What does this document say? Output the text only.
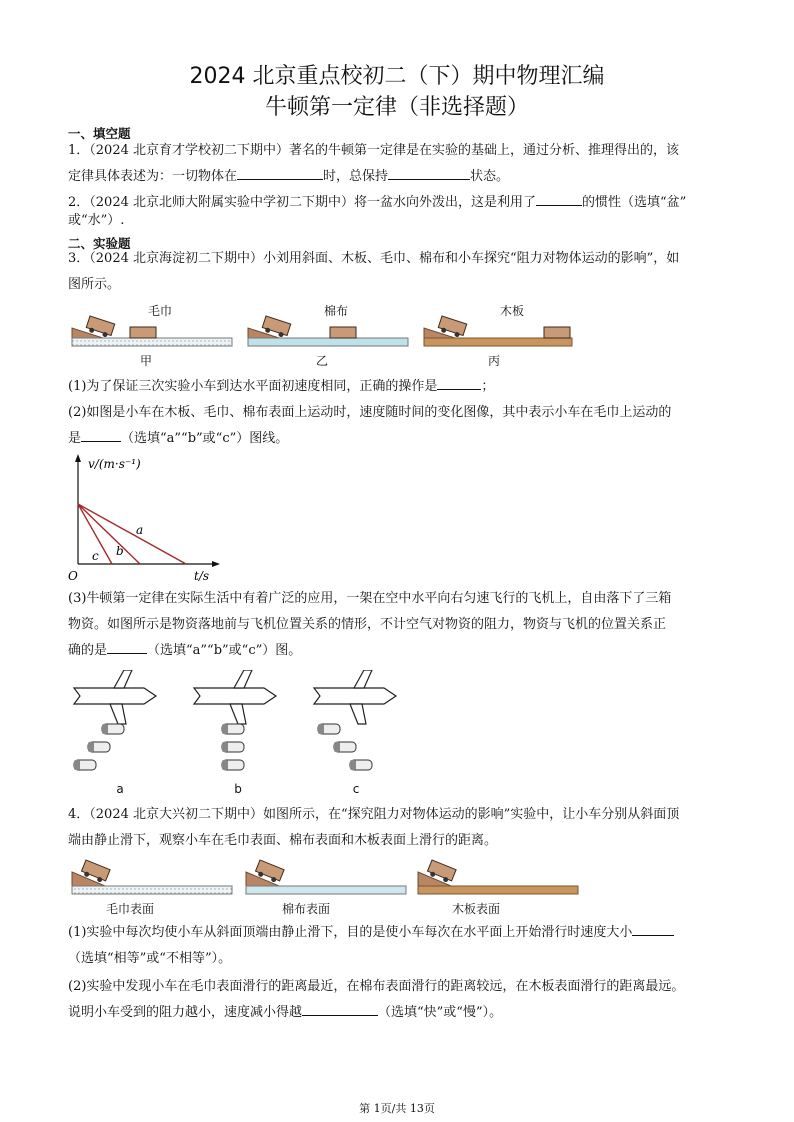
2024 北京重点校初二（下）期中物理汇编
牛顿第一定律（非选择题）
一、填空题
1．（2024 北京育才学校初二下期中）著名的牛顿第一定律是在实验的基础上，通过分析、推理得出的，该
定律具体表述为：一切物体在	时，总保持	状态。
2．（2024 北京北师大附属实验中学初二下期中）将一盆水向外泼出，这是利用了	的惯性（选填“盆”
或“水”）.
二、实验题
3．（2024 北京海淀初二下期中）小刘用斜面、木板、毛巾、棉布和小车探究“阻力对物体运动的影响”，如
图所示。
毛巾	棉布	木板
甲	乙	丙
(1)为了保证三次实验小车到达水平面初速度相同，正确的操作是	；
(2)如图是小车在木板、毛巾、棉布表面上运动时，速度随时间的变化图像，其中表示小车在毛巾上运动的
是	（选填“a”“b”或“c”）图线。
v/(m·s⁻¹)
t/s
O
a
b
c
(3)牛顿第一定律在实际生活中有着广泛的应用，一架在空中水平向右匀速飞行的飞机上，自由落下了三箱
物资。如图所示是物资落地前与飞机位置关系的情形，不计空气对物资的阻力，物资与飞机的位置关系正
确的是	（选填“a”“b”或“c”）图。
a	b	c
4．（2024 北京大兴初二下期中）如图所示，在“探究阻力对物体运动的影响”实验中，让小车分别从斜面顶
端由静止滑下，观察小车在毛巾表面、棉布表面和木板表面上滑行的距离。
毛巾表面	棉布表面	木板表面
(1)实验中每次均使小车从斜面顶端由静止滑下，目的是使小车每次在水平面上开始滑行时速度大小
（选填“相等”或“不相等”）。
(2)实验中发现小车在毛巾表面滑行的距离最近，在棉布表面滑行的距离较远，在木板表面滑行的距离最远。
说明小车受到的阻力越小，速度减小得越	（选填“快”或“慢”）。
第 1页/共 13页
